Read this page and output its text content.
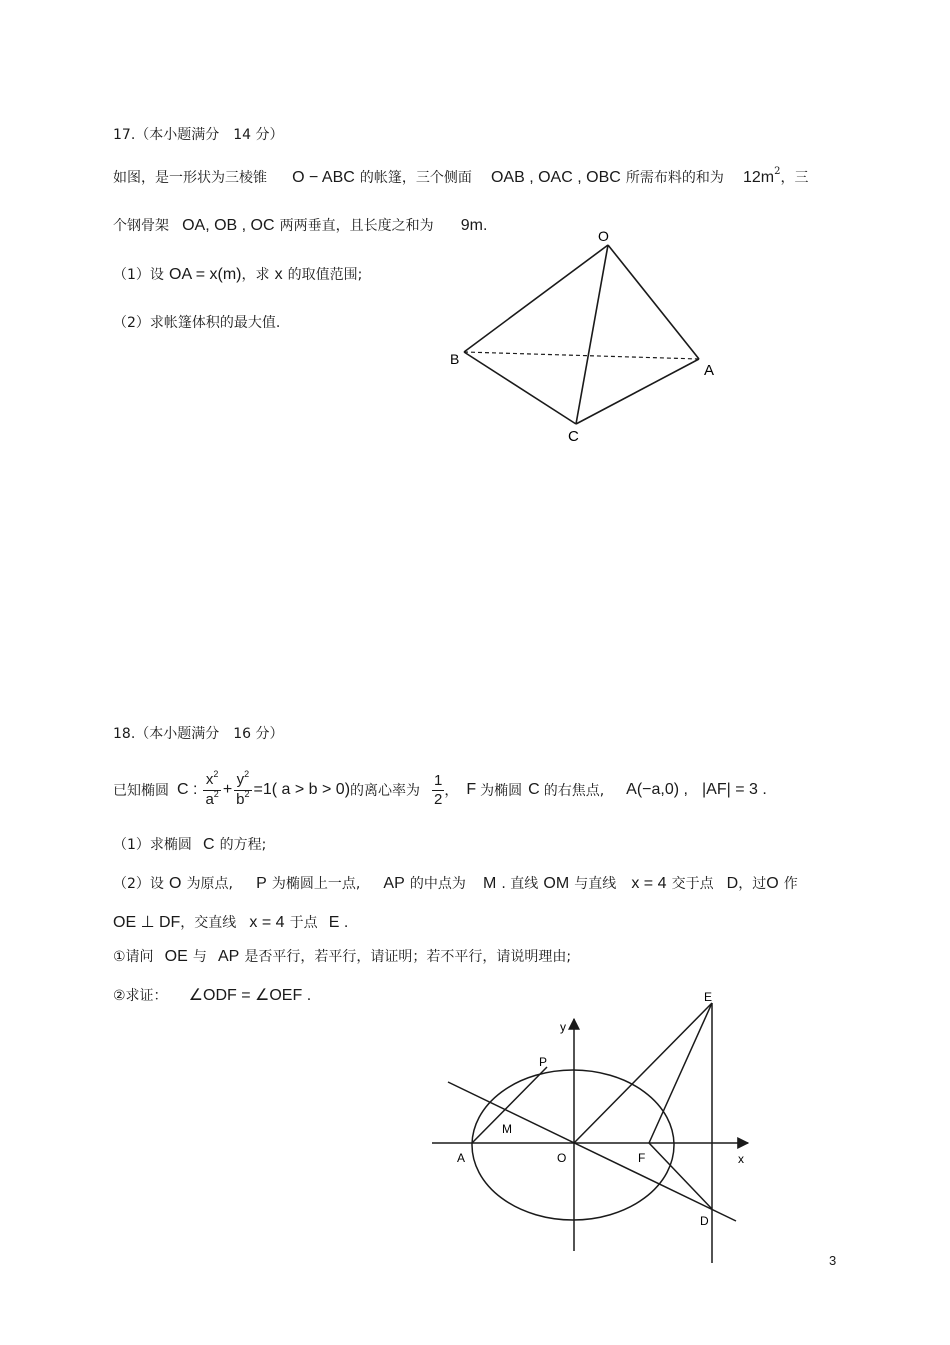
17.（本小题满分　14 分）
如图，是一形状为三棱锥 O − ABC 的帐篷，三个侧面 OAB , OAC , OBC 所需布料的和为 $12m^2$，三
个钢骨架 OA, OB , OC 两两垂直，且长度之和为 9m.
（1）设 OA = x(m)，求 x 的取值范围;
（2）求帐篷体积的最大值.
O
B
A
C
18.（本小题满分　16 分）
已知椭圆 C : $\frac{x^2}{a^2} + \frac{y^2}{b^2} =1$( a > b > 0) 的离心率为 $\frac{1}{2}$ ， F 为椭圆 C 的右焦点, A(−a,0) , |AF| = 3 .
（1）求椭圆 C 的方程;
（2）设 O 为原点, P 为椭圆上一点, AP 的中点为 M . 直线 OM 与直线 x = 4 交于点 D，过O 作
OE ⊥ DF，交直线 x = 4 于点 E .
①请问 OE 与 AP 是否平行，若平行，请证明；若不平行，请说明理由;
②求证： ∠ODF = ∠OEF .	E
y
P
M
A	O	F	x
D
3
